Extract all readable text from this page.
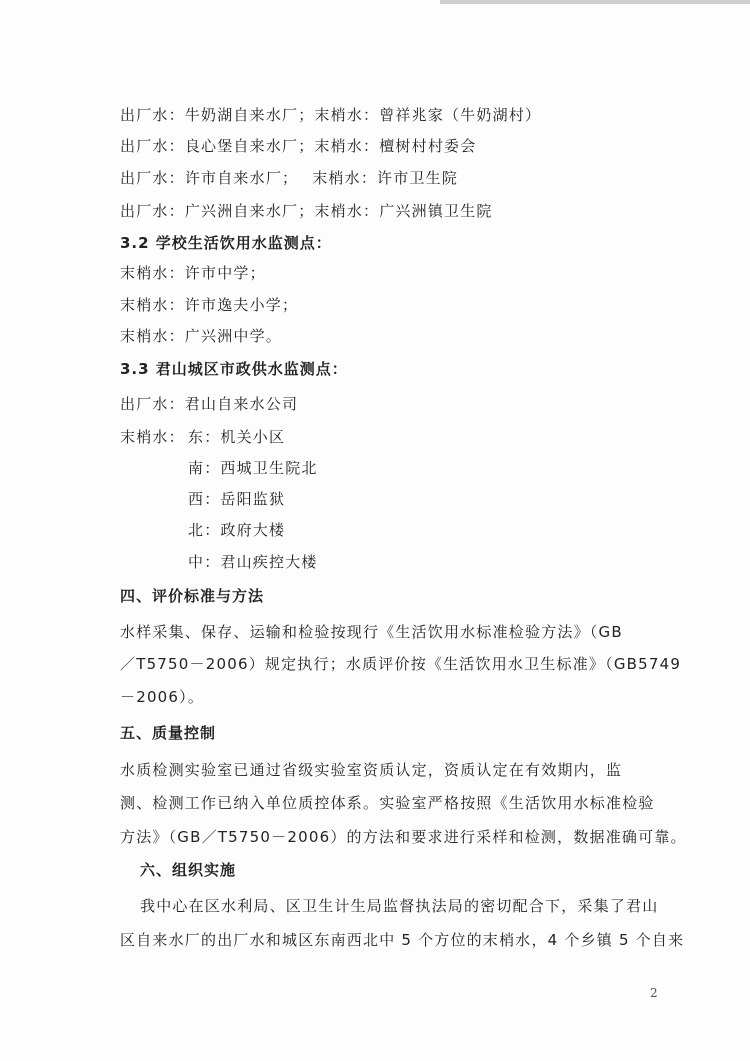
出厂水：牛奶湖自来水厂；末梢水：曾祥兆家（牛奶湖村）
出厂水：良心堡自来水厂；末梢水：檀树村村委会
出厂水：许市自来水厂； 末梢水：许市卫生院
出厂水：广兴洲自来水厂；末梢水：广兴洲镇卫生院
3.2 学校生活饮用水监测点：
末梢水：许市中学；
末梢水：许市逸夫小学；
末梢水：广兴洲中学。
3.3 君山城区市政供水监测点：
出厂水：君山自来水公司
末梢水： 东：机关小区
南：西城卫生院北
西：岳阳监狱
北：政府大楼
中：君山疾控大楼
四、评价标准与方法
水样采集、保存、运输和检验按现行《生活饮用水标准检验方法》（GB
／T5750－2006）规定执行；水质评价按《生活饮用水卫生标准》（GB5749
－2006）。
五、质量控制
水质检测实验室已通过省级实验室资质认定，资质认定在有效期内，监
测、检测工作已纳入单位质控体系。实验室严格按照《生活饮用水标准检验
方法》（GB／T5750－2006）的方法和要求进行采样和检测，数据准确可靠。
六、组织实施
我中心在区水利局、区卫生计生局监督执法局的密切配合下，采集了君山
区自来水厂的出厂水和城区东南西北中 5 个方位的末梢水，4 个乡镇 5 个自来
2
